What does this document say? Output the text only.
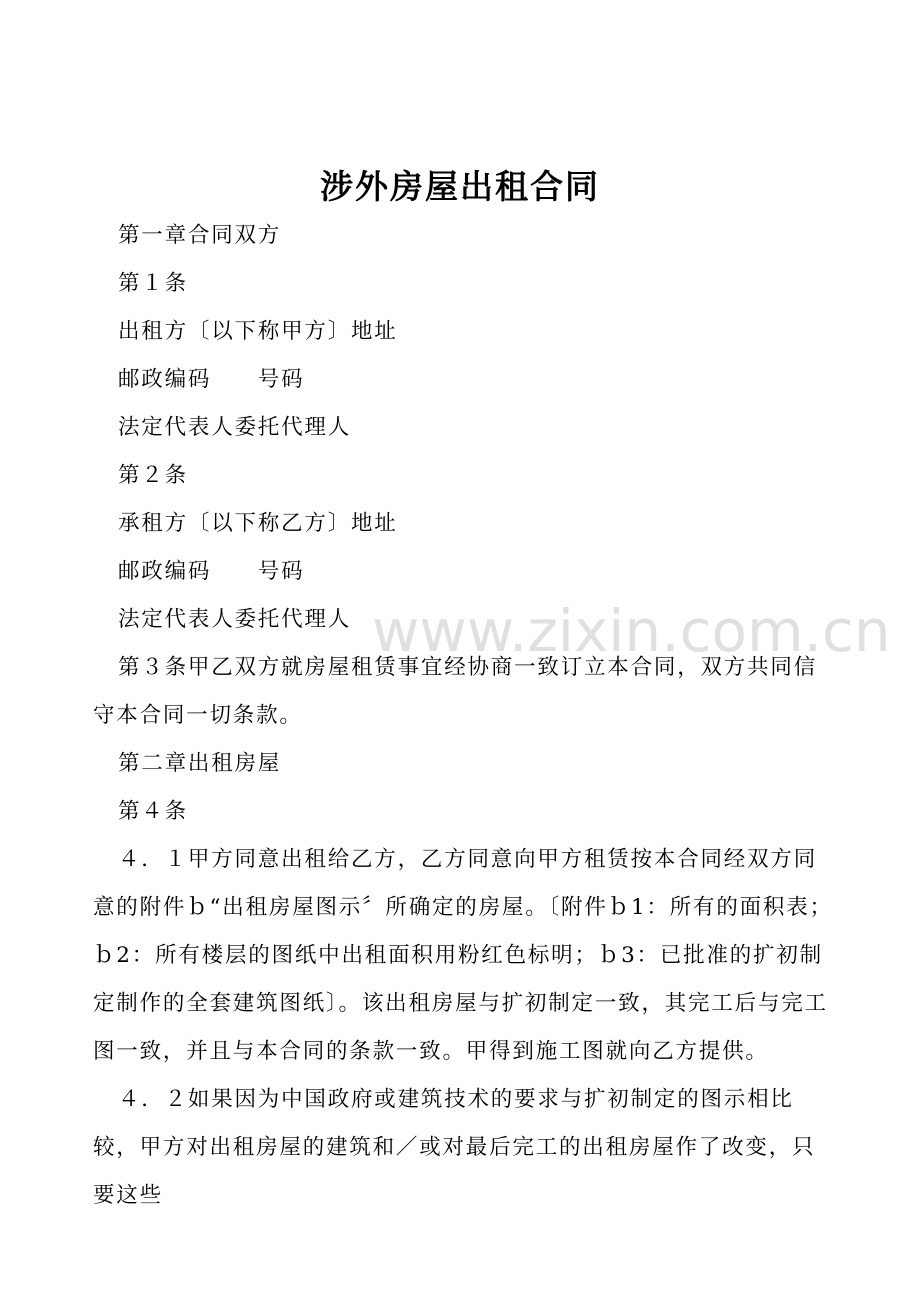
涉外房屋出租合同
www.zixin.com.cn

第一章合同双方

第１条

出租方〔以下称甲方〕地址

邮政编码　　号码

法定代表人委托代理人

第２条

承租方〔以下称乙方〕地址

邮政编码　　号码

法定代表人委托代理人

第３条甲乙双方就房屋租赁事宜经协商一致订立本合同，双方共同信守本合同一切条款。

第二章出租房屋

第４条

４．１甲方同意出租给乙方，乙方同意向甲方租赁按本合同经双方同意的附件ｂ“出租房屋图示〞所确定的房屋。〔附件ｂ1：所有的面积表；ｂ2：所有楼层的图纸中出租面积用粉红色标明；ｂ3：已批准的扩初制定制作的全套建筑图纸〕。该出租房屋与扩初制定一致，其完工后与完工图一致，并且与本合同的条款一致。甲得到施工图就向乙方提供。

４．２如果因为中国政府或建筑技术的要求与扩初制定的图示相比较，甲方对出租房屋的建筑和／或对最后完工的出租房屋作了改变，只要这些
